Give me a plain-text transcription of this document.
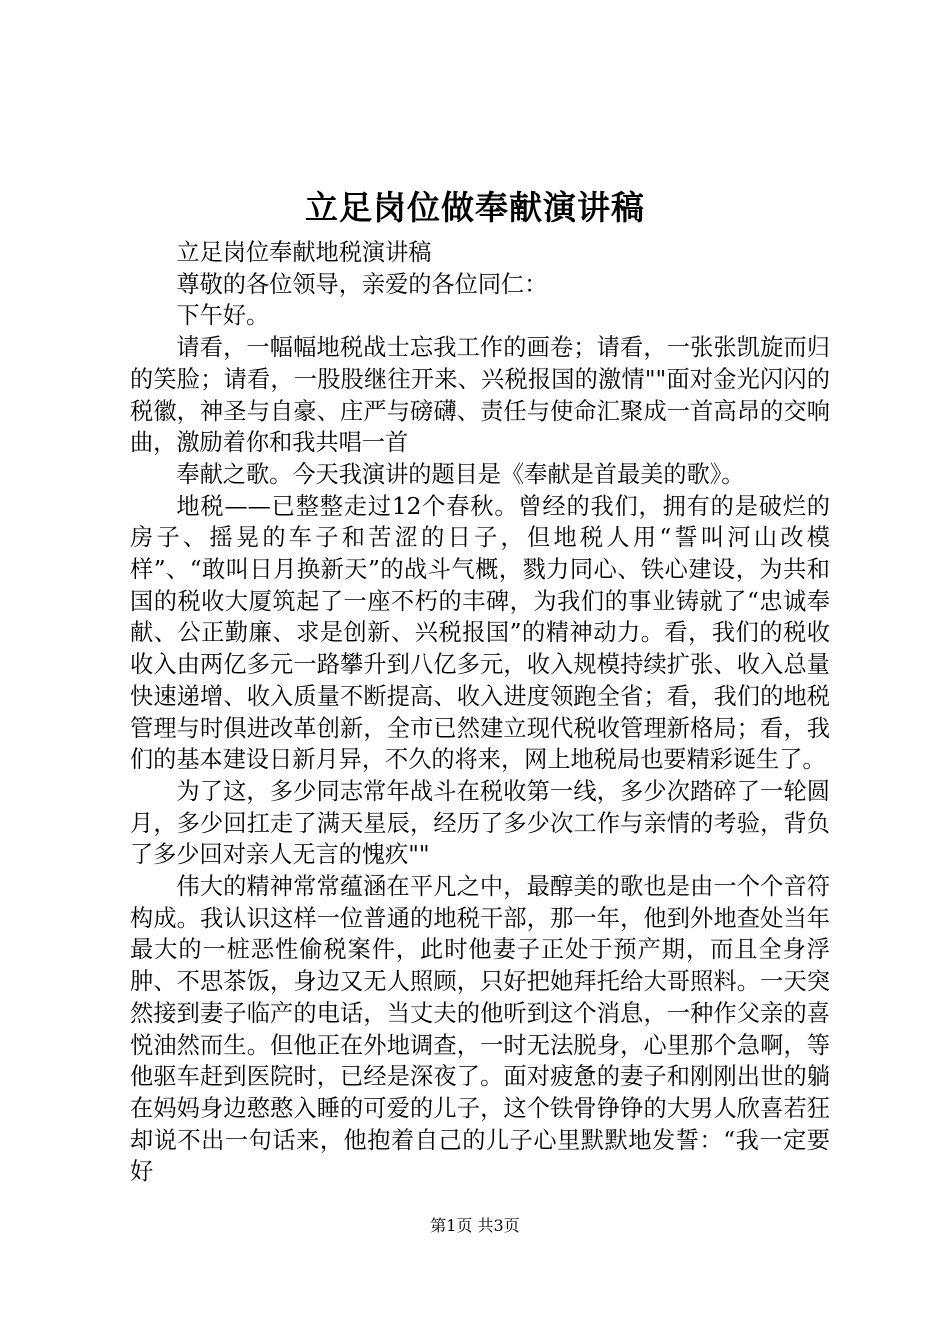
立足岗位做奉献演讲稿

立足岗位奉献地税演讲稿

尊敬的各位领导，亲爱的各位同仁：

下午好。

请看，一幅幅地税战士忘我工作的画卷；请看，一张张凯旋而归的笑脸；请看，一股股继往开来、兴税报国的激情""面对金光闪闪的税徽，神圣与自豪、庄严与磅礴、责任与使命汇聚成一首高昂的交响曲，激励着你和我共唱一首

奉献之歌。今天我演讲的题目是《奉献是首最美的歌》。

地税——已整整走过12个春秋。曾经的我们，拥有的是破烂的房子、摇晃的车子和苦涩的日子，但地税人用“誓叫河山改模样”、“敢叫日月换新天”的战斗气概，戮力同心、铁心建设，为共和国的税收大厦筑起了一座不朽的丰碑，为我们的事业铸就了“忠诚奉献、公正勤廉、求是创新、兴税报国”的精神动力。看，我们的税收收入由两亿多元一路攀升到八亿多元，收入规模持续扩张、收入总量快速递增、收入质量不断提高、收入进度领跑全省；看，我们的地税管理与时俱进改革创新，全市已然建立现代税收管理新格局；看，我们的基本建设日新月异，不久的将来，网上地税局也要精彩诞生了。

为了这，多少同志常年战斗在税收第一线，多少次踏碎了一轮圆月，多少回扛走了满天星辰，经历了多少次工作与亲情的考验，背负了多少回对亲人无言的愧疚""

伟大的精神常常蕴涵在平凡之中，最醇美的歌也是由一个个音符构成。我认识这样一位普通的地税干部，那一年，他到外地查处当年最大的一桩恶性偷税案件，此时他妻子正处于预产期，而且全身浮肿、不思茶饭，身边又无人照顾，只好把她拜托给大哥照料。一天突然接到妻子临产的电话，当丈夫的他听到这个消息，一种作父亲的喜悦油然而生。但他正在外地调查，一时无法脱身，心里那个急啊，等他驱车赶到医院时，已经是深夜了。面对疲惫的妻子和刚刚出世的躺在妈妈身边憨憨入睡的可爱的儿子，这个铁骨铮铮的大男人欣喜若狂却说不出一句话来，他抱着自己的儿子心里默默地发誓：“我一定要好

第1页 共3页
